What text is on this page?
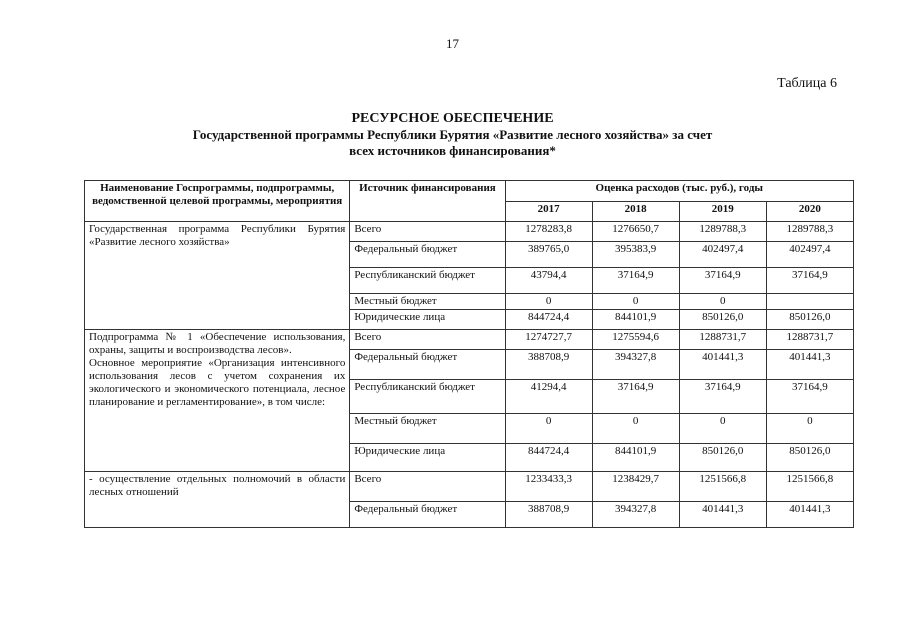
17
Таблица 6
РЕСУРСНОЕ ОБЕСПЕЧЕНИЕ
Государственной программы Республики Бурятия «Развитие лесного хозяйства» за счет
всех источников финансирования*
Наименование Госпрограммы, подпрограммы, ведомственной целевой программы, мероприятия	Источник финансирования	Оценка расходов (тыс. руб.), годы			
		2017	2018	2019	2020
Государственная программа Республики Бурятия «Развитие лесного хозяйства»	Всего	1278283,8	1276650,7	1289788,3	1289788,3
	Федеральный бюджет	389765,0	395383,9	402497,4	402497,4
	Республиканский бюджет	43794,4	37164,9	37164,9	37164,9
	Местный бюджет	0	0	0	
	Юридические лица	844724,4	844101,9	850126,0	850126,0

Подпрограмма № 1 «Обеспечение использования, охраны, защиты и воспроизводства лесов».
Основное мероприятие «Организация интенсивного использования лесов с учетом сохранения их экологического и экономического потенциала, лесное планирование и регламентирование», в том числе:	Всего	1274727,7	1275594,6	1288731,7	1288731,7
	Федеральный бюджет	388708,9	394327,8	401441,3	401441,3
	Республиканский бюджет	41294,4	37164,9	37164,9	37164,9
	Местный бюджет	0	0	0	0
	Юридические лица	844724,4	844101,9	850126,0	850126,0
- осуществление отдельных полномочий в области лесных отношений	Всего	1233433,3	1238429,7	1251566,8	1251566,8
	Федеральный бюджет	388708,9	394327,8	401441,3	401441,3
